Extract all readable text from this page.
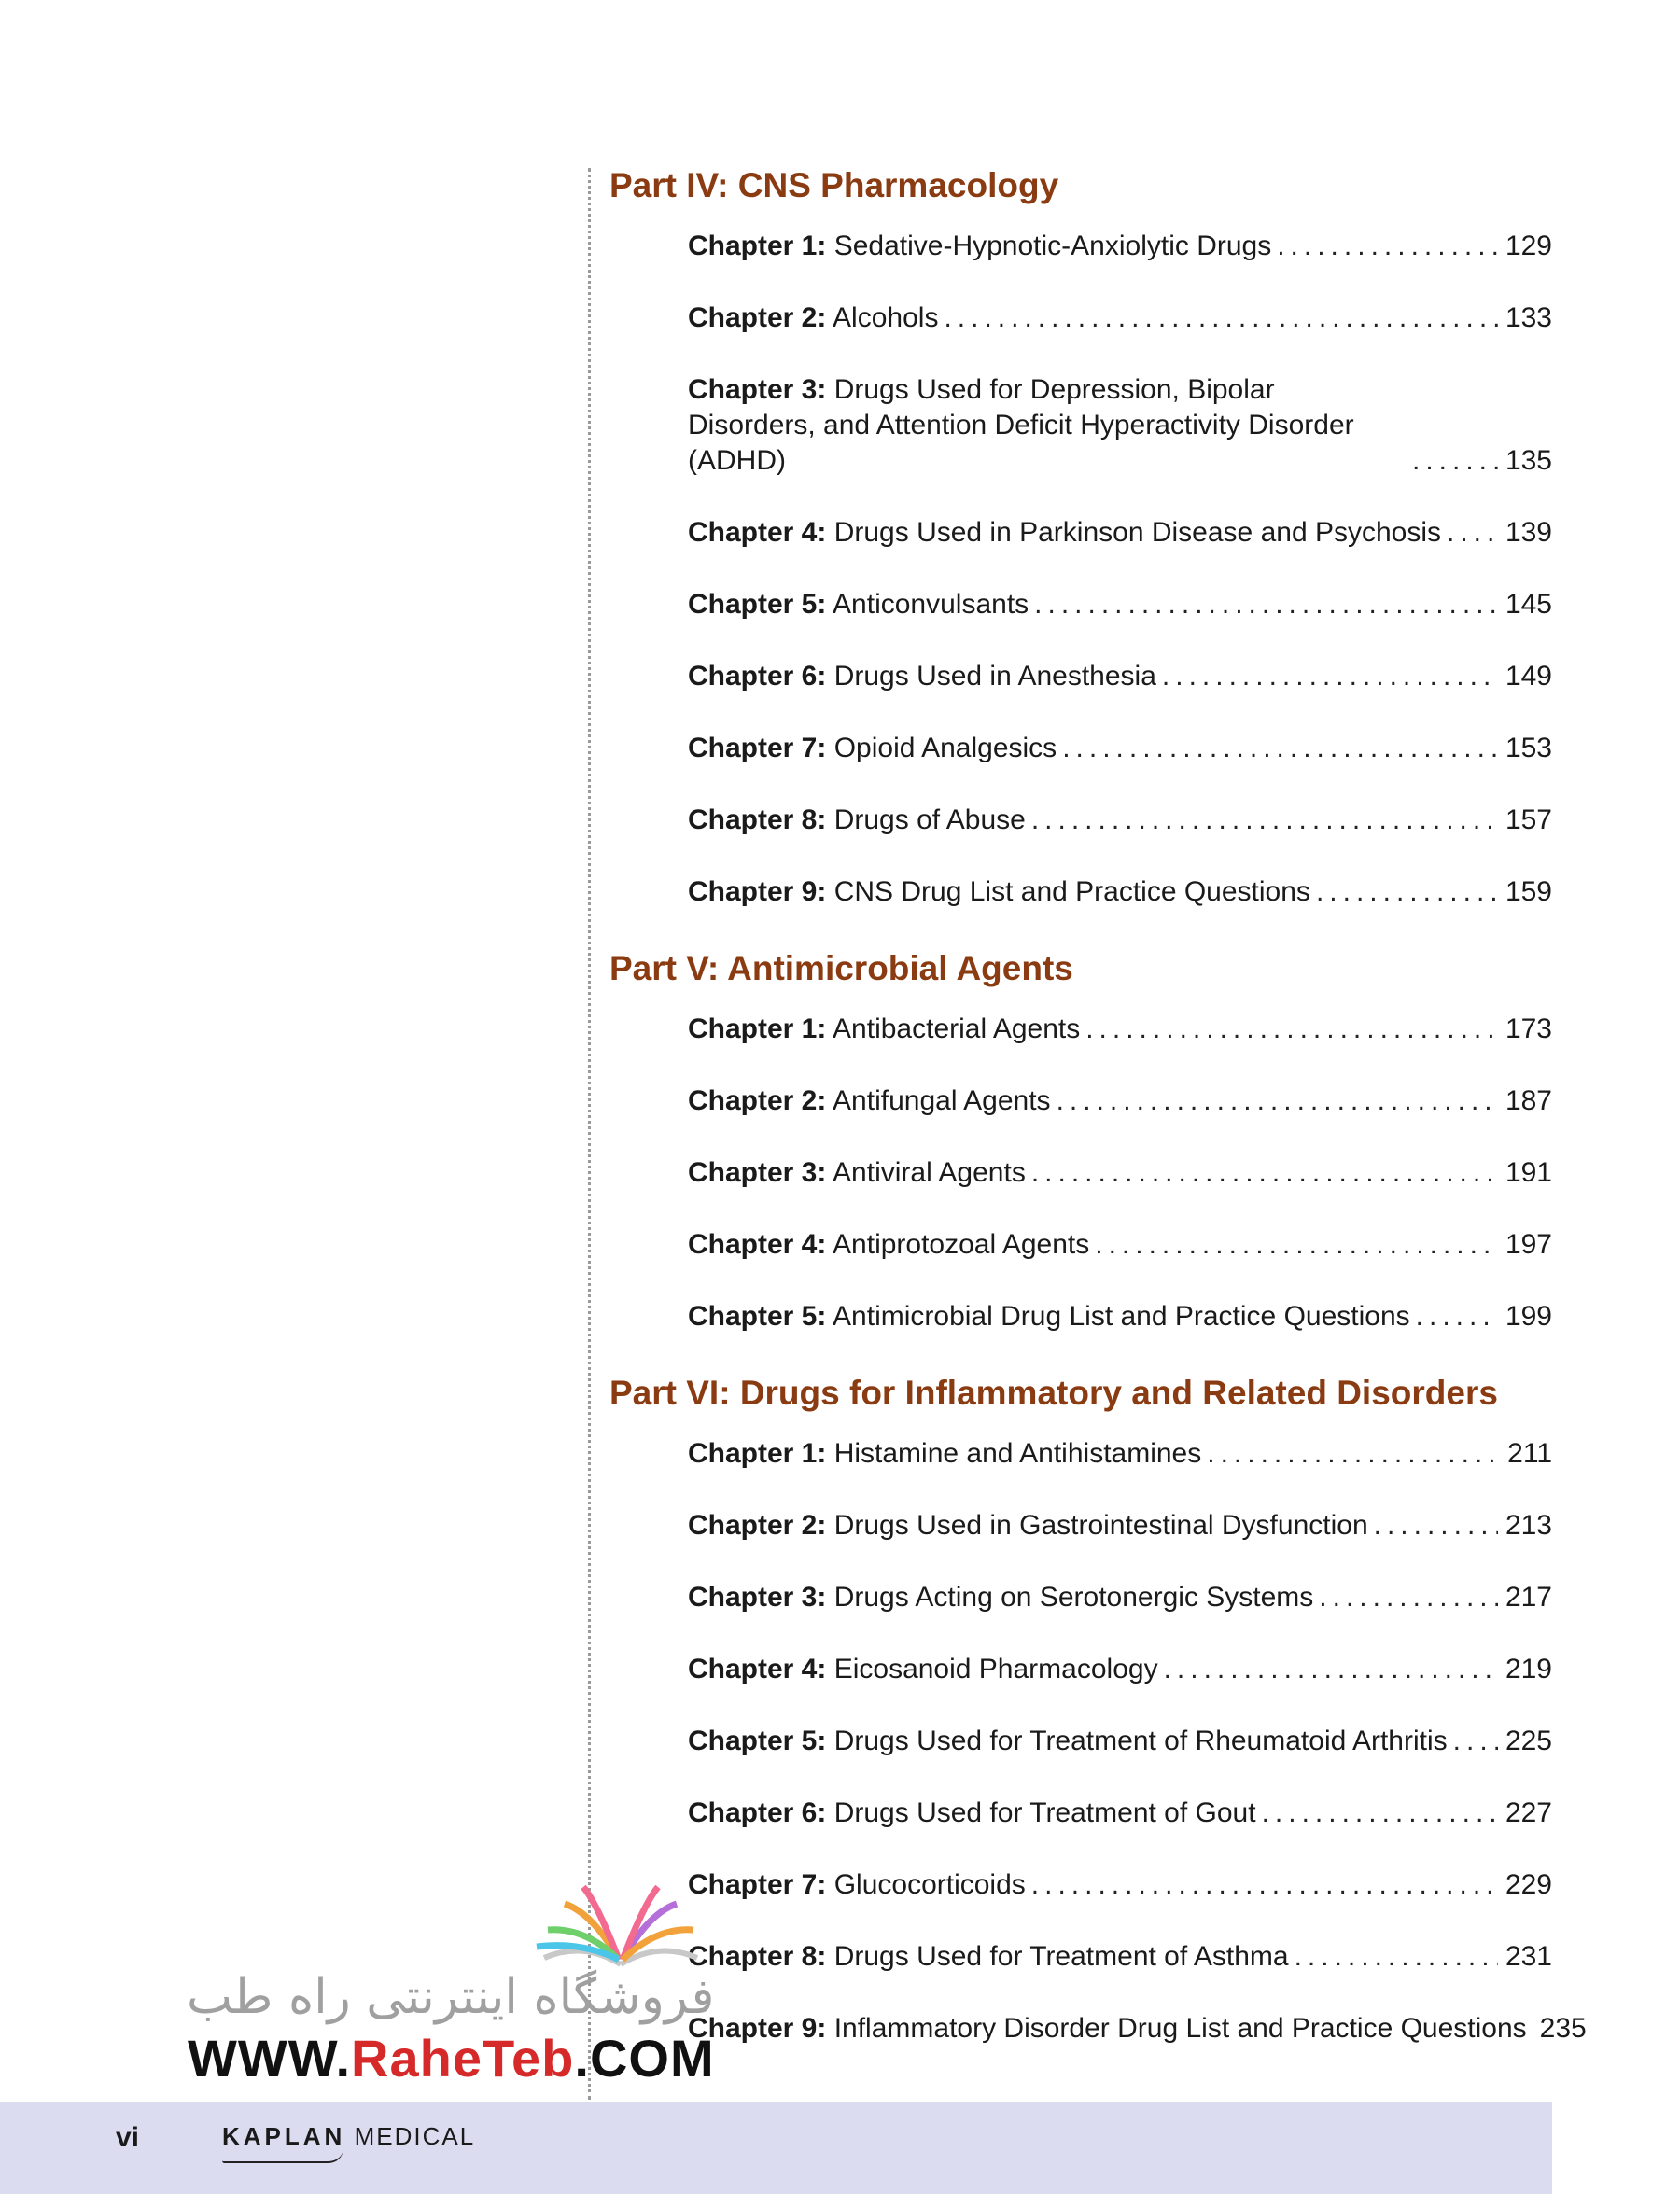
Part IV: CNS Pharmacology
Chapter 1: Sedative-Hypnotic-Anxiolytic Drugs .....	129
Chapter 2: Alcohols .....	133
Chapter 3: Drugs Used for Depression, Bipolar Disorders, and Attention Deficit Hyperactivity Disorder (ADHD) .....	135
Chapter 4: Drugs Used in Parkinson Disease and Psychosis ..... 139
Chapter 5: Anticonvulsants .....	145
Chapter 6: Drugs Used in Anesthesia .....	149
Chapter 7: Opioid Analgesics .....	153
Chapter 8: Drugs of Abuse .....	157
Chapter 9: CNS Drug List and Practice Questions .....	159
Part V: Antimicrobial Agents
Chapter 1: Antibacterial Agents .....	173
Chapter 2: Antifungal Agents .....	187
Chapter 3: Antiviral Agents .....	191
Chapter 4: Antiprotozoal Agents .....	197
Chapter 5: Antimicrobial Drug List and Practice Questions .....	199
Part VI: Drugs for Inflammatory and Related Disorders
Chapter 1: Histamine and Antihistamines .....	211
Chapter 2: Drugs Used in Gastrointestinal Dysfunction .....	213
Chapter 3: Drugs Acting on Serotonergic Systems .....	217
Chapter 4: Eicosanoid Pharmacology .....	219
Chapter 5: Drugs Used for Treatment of Rheumatoid Arthritis ..... 225
Chapter 6: Drugs Used for Treatment of Gout .....	227
Chapter 7: Glucocorticoids .....	229
Chapter 8: Drugs Used for Treatment of Asthma .....	231
Chapter 9: Inflammatory Disorder Drug List and Practice Questions 235
فروشگاه اینترنتی راه طب
WWW.RaheTeb.COM
vi	KAPLAN MEDICAL
